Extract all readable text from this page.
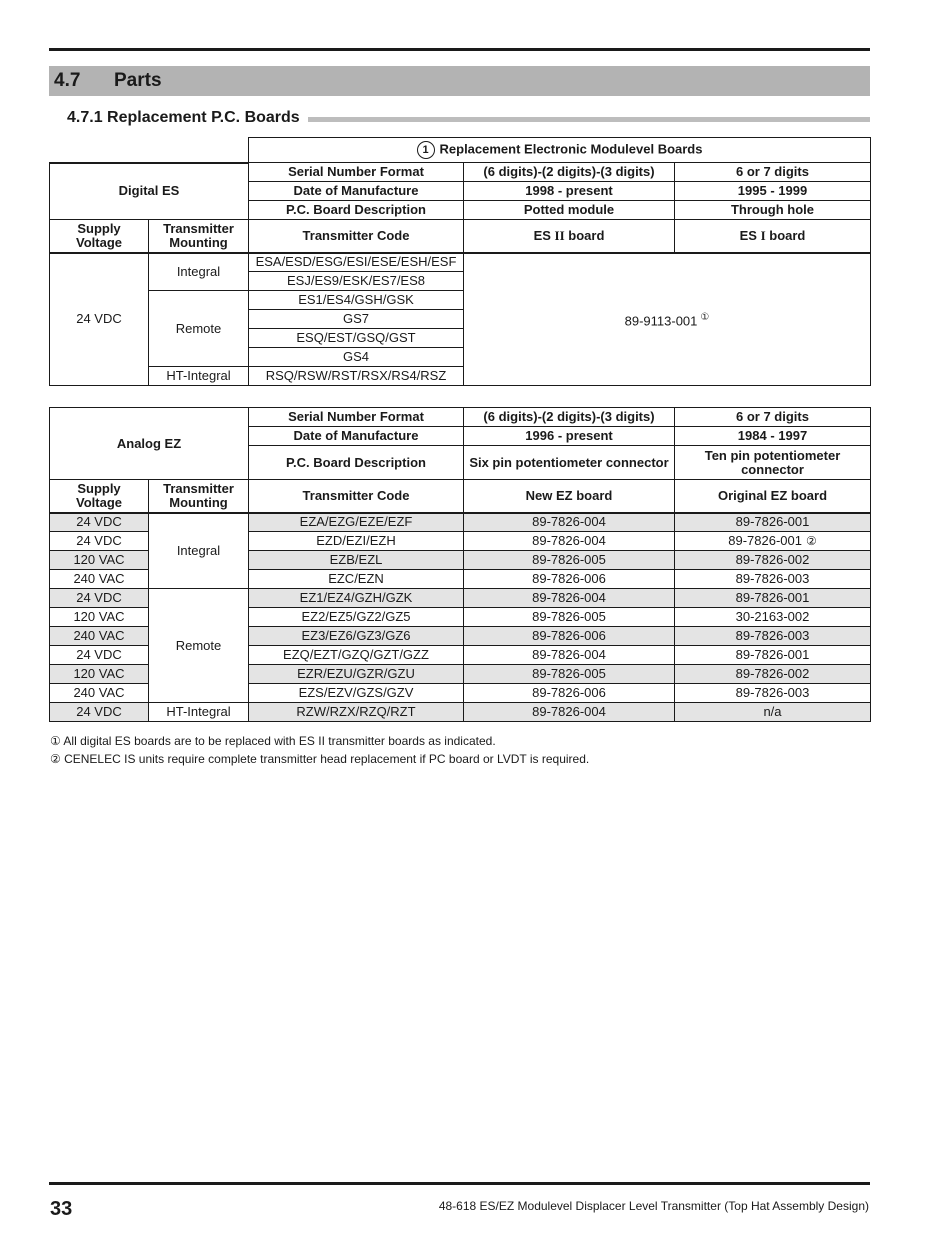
4.7	Parts
4.7.1 Replacement P.C. Boards
		1 Replacement Electronic Modulevel Boards		
Digital ES		Serial Number Format	(6 digits)-(2 digits)-(3 digits)	6 or 7 digits
		Date of Manufacture	1998 - present	1995 - 1999
		P.C. Board Description	Potted module	Through hole
Supply Voltage	Transmitter Mounting	Transmitter Code	ES II board	ES I board
24 VDC	Integral	ESA/ESD/ESG/ESI/ESE/ESH/ESF	89-9113-001 ①
		ESJ/ES9/ESK/ES7/ES8		
	Remote	ES1/ES4/GSH/GSK		
		GS7		
		ESQ/EST/GSQ/GST		
		GS4		
	HT-Integral	RSQ/RSW/RST/RSX/RS4/RSZ		
Analog EZ		Serial Number Format	(6 digits)-(2 digits)-(3 digits)	6 or 7 digits
		Date of Manufacture	1996 - present	1984 - 1997
		P.C. Board Description	Six pin potentiometer connector	Ten pin potentiometer connector
Supply Voltage	Transmitter Mounting	Transmitter Code	New EZ board	Original EZ board
24 VDC	Integral	EZA/EZG/EZE/EZF	89-7826-004	89-7826-001
24 VDC		EZD/EZI/EZH	89-7826-004	89-7826-001 ②
120 VAC		EZB/EZL	89-7826-005	89-7826-002
240 VAC		EZC/EZN	89-7826-006	89-7826-003
24 VDC	Remote	EZ1/EZ4/GZH/GZK	89-7826-004	89-7826-001
120 VAC		EZ2/EZ5/GZ2/GZ5	89-7826-005	30-2163-002
240 VAC		EZ3/EZ6/GZ3/GZ6	89-7826-006	89-7826-003
24 VDC		EZQ/EZT/GZQ/GZT/GZZ	89-7826-004	89-7826-001
120 VAC		EZR/EZU/GZR/GZU	89-7826-005	89-7826-002
240 VAC		EZS/EZV/GZS/GZV	89-7826-006	89-7826-003
24 VDC	HT-Integral	RZW/RZX/RZQ/RZT	89-7826-004	n/a
① All digital ES boards are to be replaced with ES II transmitter boards as indicated.
② CENELEC IS units require complete transmitter head replacement if PC board or LVDT is required.
33	48-618 ES/EZ Modulevel Displacer Level Transmitter (Top Hat Assembly Design)
